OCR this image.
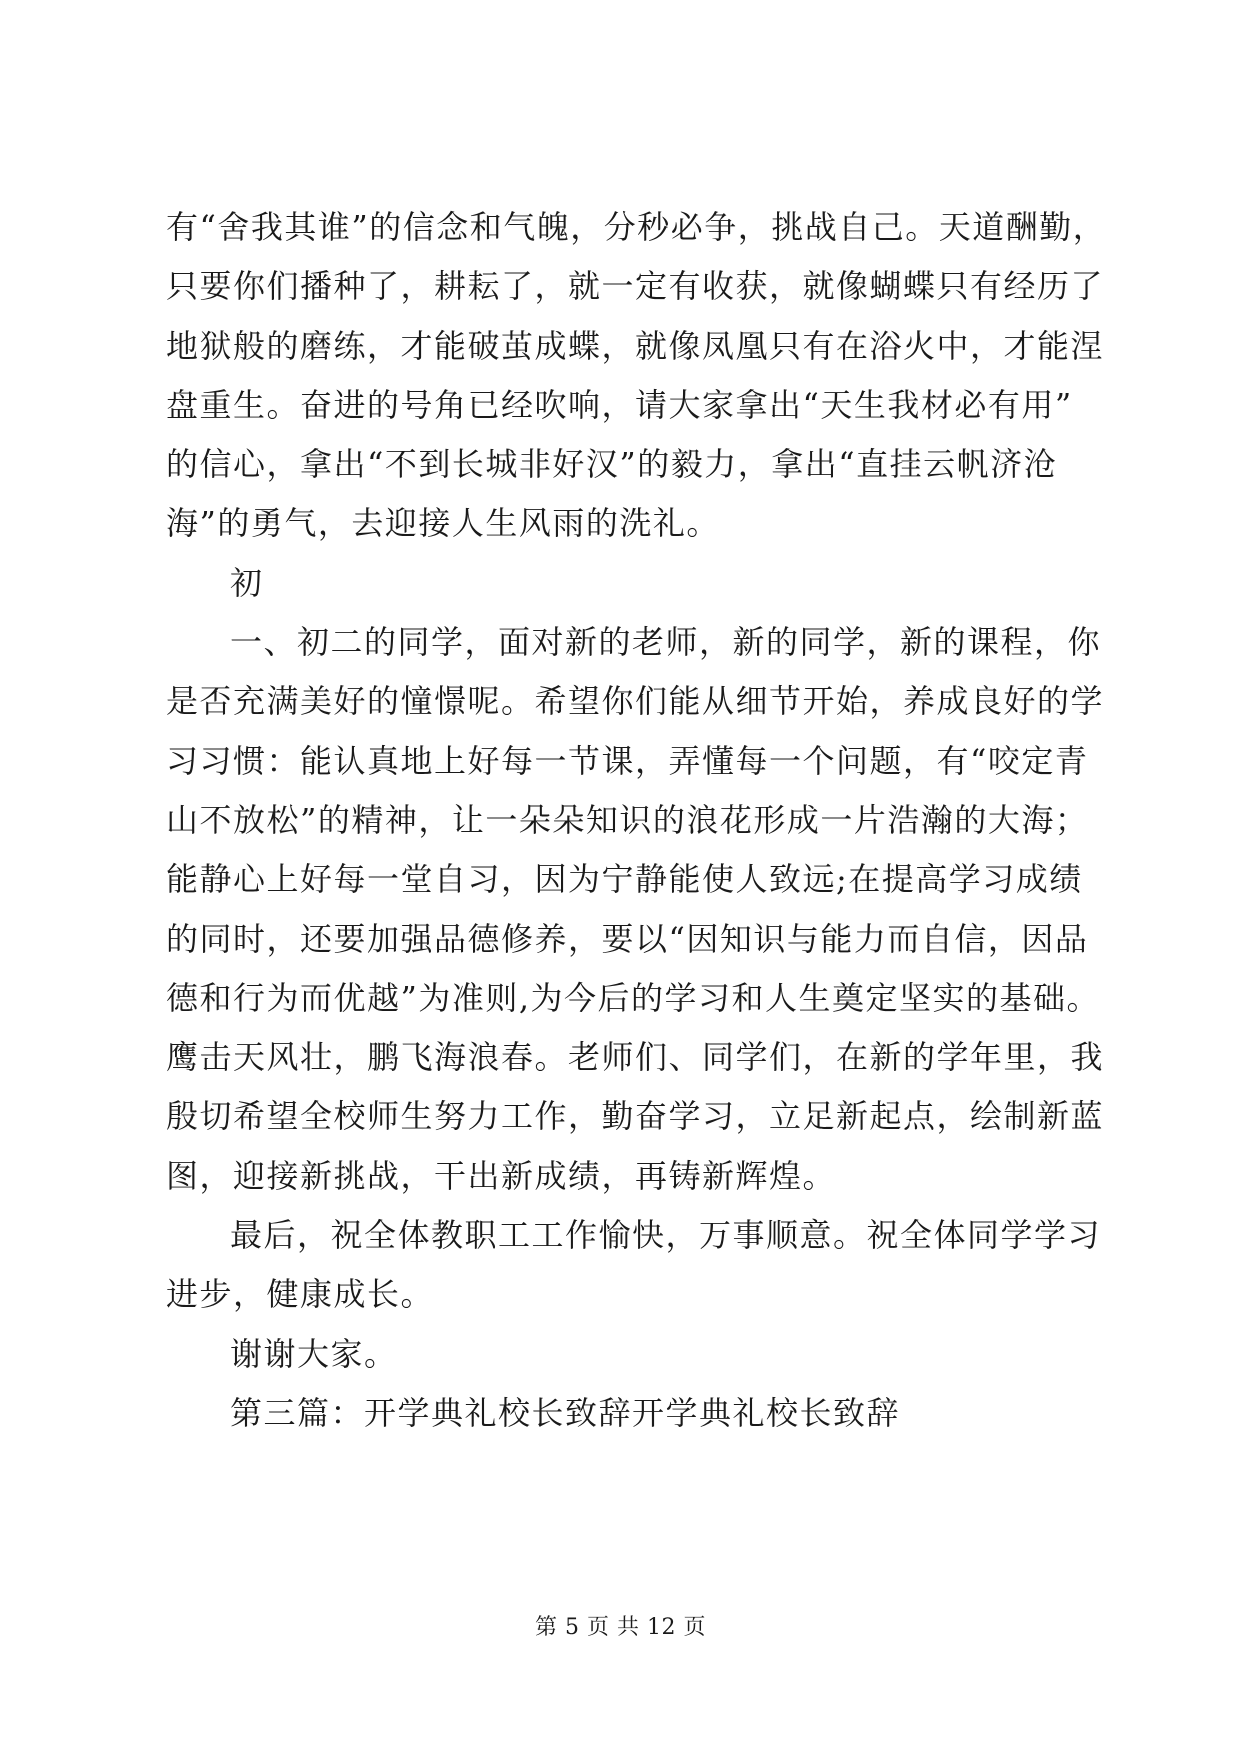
有“舍我其谁”的信念和气魄，分秒必争，挑战自己。天道酬勤，
只要你们播种了，耕耘了，就一定有收获，就像蝴蝶只有经历了
地狱般的磨练，才能破茧成蝶，就像凤凰只有在浴火中，才能涅
盘重生。奋进的号角已经吹响，请大家拿出“天生我材必有用”
的信心，拿出“不到长城非好汉”的毅力，拿出“直挂云帆济沧
海”的勇气，去迎接人生风雨的洗礼。
初
一、初二的同学，面对新的老师，新的同学，新的课程，你
是否充满美好的憧憬呢。希望你们能从细节开始，养成良好的学
习习惯：能认真地上好每一节课，弄懂每一个问题，有“咬定青
山不放松”的精神，让一朵朵知识的浪花形成一片浩瀚的大海；
能静心上好每一堂自习，因为宁静能使人致远;在提高学习成绩
的同时，还要加强品德修养，要以“因知识与能力而自信，因品
德和行为而优越”为准则,为今后的学习和人生奠定坚实的基础。
鹰击天风壮，鹏飞海浪春。老师们、同学们，在新的学年里，我
殷切希望全校师生努力工作，勤奋学习，立足新起点，绘制新蓝
图，迎接新挑战，干出新成绩，再铸新辉煌。
最后，祝全体教职工工作愉快，万事顺意。祝全体同学学习
进步，健康成长。
谢谢大家。
第三篇：开学典礼校长致辞开学典礼校长致辞
第 5 页 共 12 页
